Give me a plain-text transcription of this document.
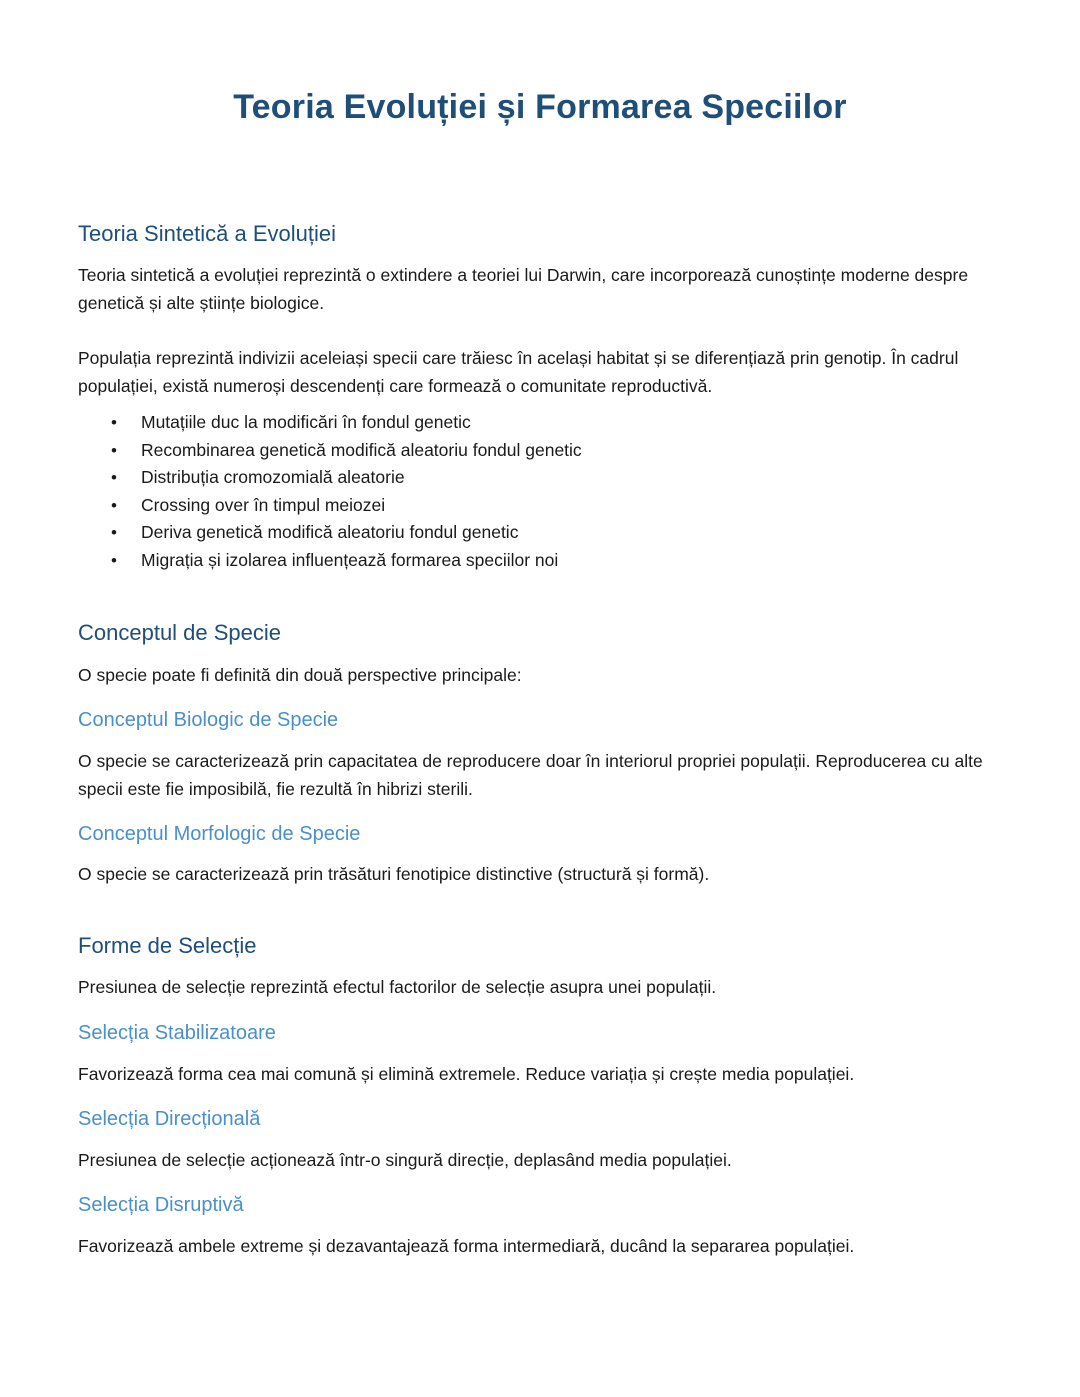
Teoria Evoluției și Formarea Speciilor
Teoria Sintetică a Evoluției

Teoria sintetică a evoluției reprezintă o extindere a teoriei lui Darwin, care incorporează cunoștințe moderne despre genetică și alte științe biologice.

Populația reprezintă indivizii aceleiași specii care trăiesc în același habitat și se diferențiază prin genotip. În cadrul populației, există numeroși descendenți care formează o comunitate reproductivă.

• Mutațiile duc la modificări în fondul genetic
• Recombinarea genetică modifică aleatoriu fondul genetic
• Distribuția cromozomială aleatorie
• Crossing over în timpul meiozei
• Deriva genetică modifică aleatoriu fondul genetic
• Migrația și izolarea influențează formarea speciilor noi
Conceptul de Specie

O specie poate fi definită din două perspective principale:

Conceptul Biologic de Specie

O specie se caracterizează prin capacitatea de reproducere doar în interiorul propriei populații. Reproducerea cu alte specii este fie imposibilă, fie rezultă în hibrizi sterili.

Conceptul Morfologic de Specie

O specie se caracterizează prin trăsături fenotipice distinctive (structură și formă).

Forme de Selecție

Presiunea de selecție reprezintă efectul factorilor de selecție asupra unei populații.

Selecția Stabilizatoare

Favorizează forma cea mai comună și elimină extremele. Reduce variația și crește media populației.

Selecția Direcțională

Presiunea de selecție acționează într-o singură direcție, deplasând media populației.

Selecția Disruptivă

Favorizează ambele extreme și dezavantajează forma intermediară, ducând la separarea populației.
